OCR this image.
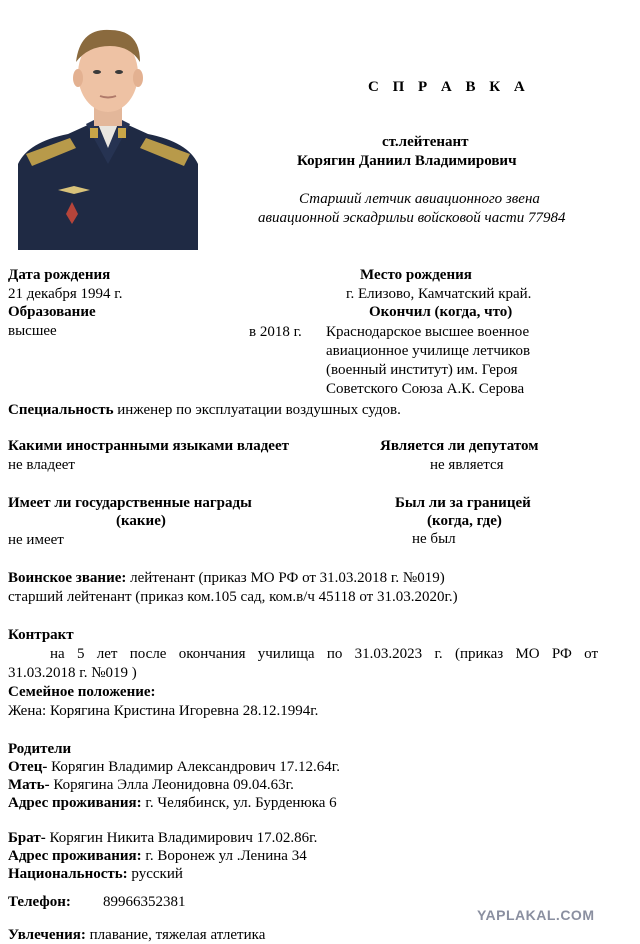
С П Р А В К А
ст.лейтенант
Корягин Даниил Владимирович
Старший летчик авиационного звена
авиационной эскадрильи войсковой части 77984
Дата рождения	Место рождения
21 декабря 1994 г.	г. Елизово, Камчатский край.
Образование	Окончил (когда, что)
высшее	в 2018 г. Краснодарское высшее военное
авиационное училище летчиков
(военный институт) им. Героя
Советского Союза А.К. Серова
Специальность инженер по эксплуатации воздушных судов.
Какими иностранными языками владеет	Является ли депутатом
не владеет	не является
Имеет ли государственные награды
(какие)
Был ли за границей
(когда, где)
не имеет	не был
Воинское звание: лейтенант (приказ МО РФ от 31.03.2018 г. №019)
старший лейтенант (приказ ком.105 сад, ком.в/ч 45118 от 31.03.2020г.)
Контракт
на 5 лет после окончания училища по 31.03.2023 г. (приказ МО РФ от
31.03.2018 г. №019 )
Семейное положение:
Жена: Корягина Кристина Игоревна 28.12.1994г.
Родители
Отец- Корягин Владимир Александрович 17.12.64г.
Мать- Корягина Элла Леонидовна 09.04.63г.
Адрес проживания: г. Челябинск, ул. Бурденюка 6
Брат- Корягин Никита Владимирович 17.02.86г.
Адрес проживания: г. Воронеж ул .Ленина 34
Национальность: русский
Телефон: 89966352381
YAPLAKAL.COM
Увлечения: плавание, тяжелая атлетика
